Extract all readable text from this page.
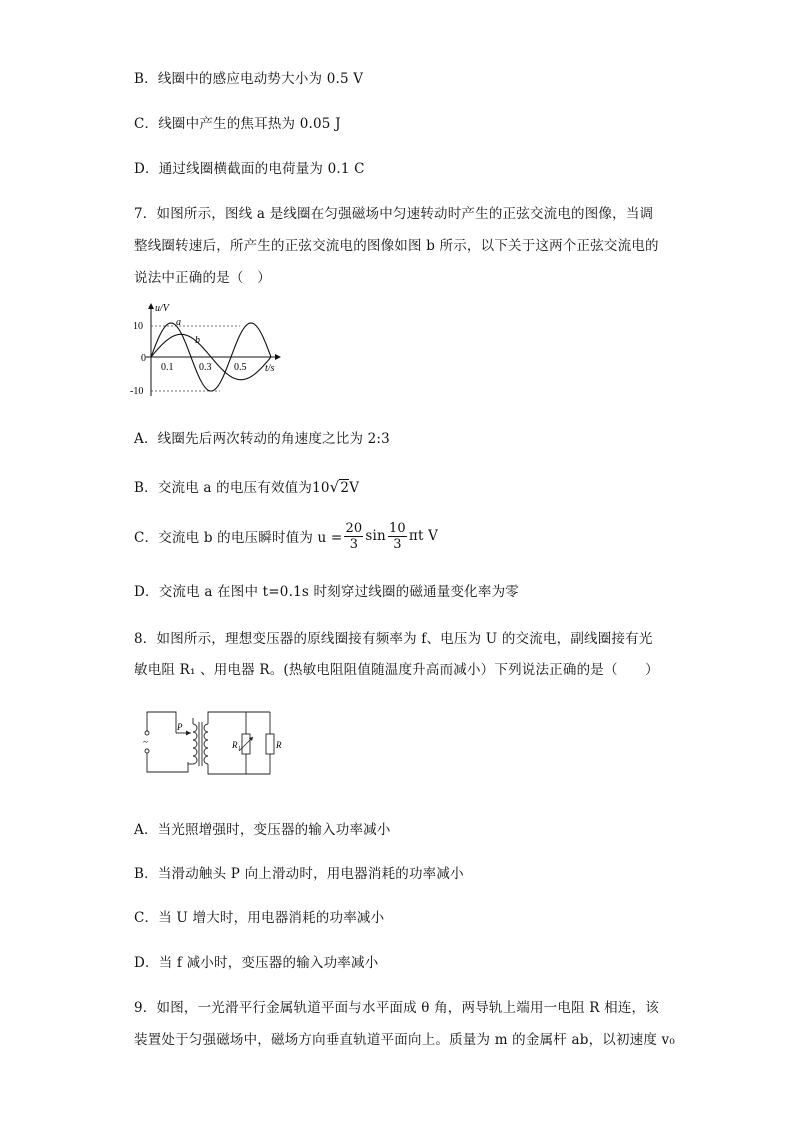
B．线圈中的感应电动势大小为 0.5 V
C．线圈中产生的焦耳热为 0.05 J
D．通过线圈横截面的电荷量为 0.1 C
7．如图所示，图线 a 是线圈在匀强磁场中匀速转动时产生的正弦交流电的图像，当调
整线圈转速后，所产生的正弦交流电的图像如图 b 所示，以下关于这两个正弦交流电的
说法中正确的是（　）
u/V
t/s
0
10
-10
0.1	0.3 0.5
a
b
A．线圈先后两次转动的角速度之比为 2:3
B．交流电 a 的电压有效值为10√2V
C．交流电 b 的电压瞬时值为 $u = \frac{20}{3}$ $\sin \frac{10}{3}$ πt V
D．交流电 a 在图中 t=0.1s 时刻穿过线圈的磁通量变化率为零
8．如图所示，理想变压器的原线圈接有频率为 f、电压为 U 的交流电，副线圈接有光
敏电阻 R₁ 、用电器 R。(热敏电阻阻值随温度升高而减小）下列说法正确的是（　　）
~
P
R₁	R
A．当光照增强时，变压器的输入功率减小
B．当滑动触头 P 向上滑动时，用电器消耗的功率减小
C．当 U 增大时，用电器消耗的功率减小
D．当 f 减小时，变压器的输入功率减小
9．如图，一光滑平行金属轨道平面与水平面成 θ 角，两导轨上端用一电阻 R 相连，该
装置处于匀强磁场中，磁场方向垂直轨道平面向上。质量为 m 的金属杆 ab，以初速度 v₀
